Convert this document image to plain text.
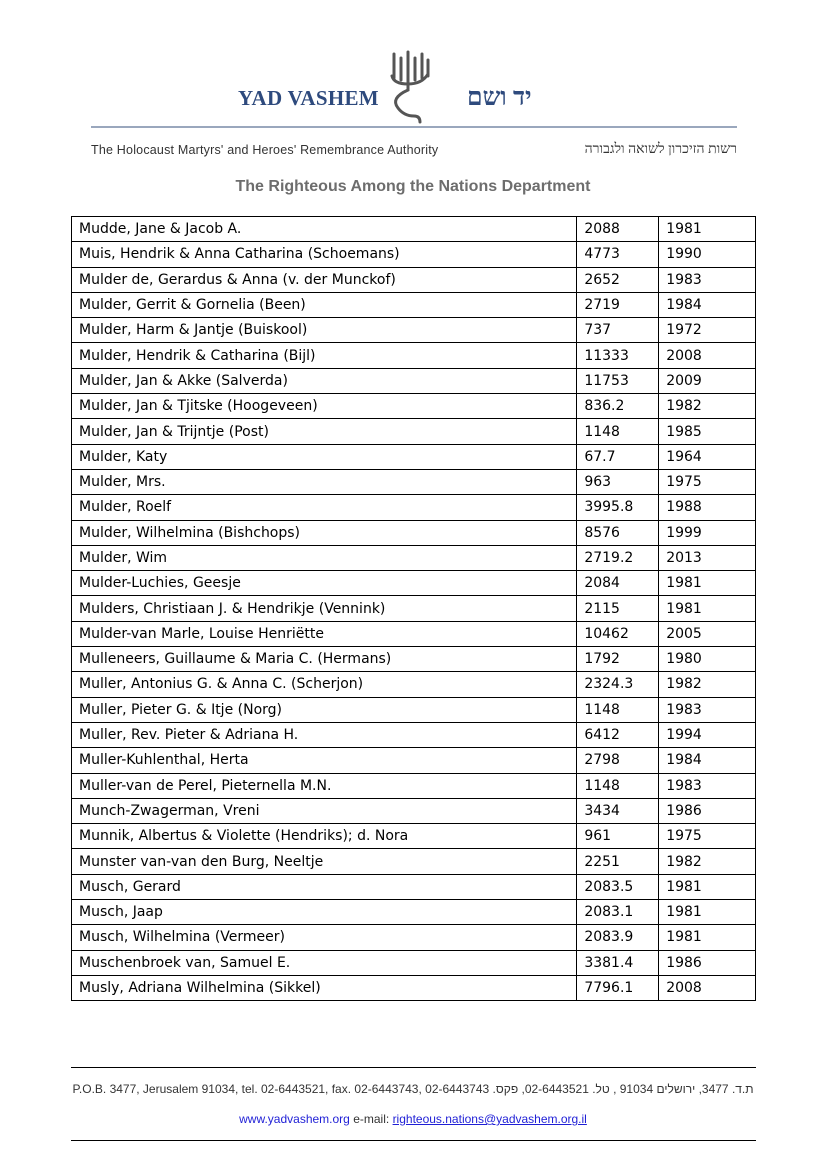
YAD VASHEM	יד ושם
The Holocaust Martyrs' and Heroes' Remembrance Authority	רשות הזיכרון לשואה ולגבורה
The Righteous Among the Nations Department
Mudde, Jane & Jacob A.	2088	1981
Muis, Hendrik & Anna Catharina (Schoemans)	4773	1990
Mulder de, Gerardus & Anna (v. der Munckof)	2652	1983
Mulder, Gerrit & Gornelia (Been)	2719	1984
Mulder, Harm & Jantje (Buiskool)	737	1972
Mulder, Hendrik & Catharina (Bijl)	11333	2008
Mulder, Jan & Akke (Salverda)	11753	2009
Mulder, Jan & Tjitske (Hoogeveen)	836.2	1982
Mulder, Jan & Trijntje (Post)	1148	1985
Mulder, Katy	67.7	1964
Mulder, Mrs.	963	1975
Mulder, Roelf	3995.8	1988
Mulder, Wilhelmina (Bishchops)	8576	1999
Mulder, Wim	2719.2	2013
Mulder-Luchies, Geesje	2084	1981
Mulders, Christiaan J. & Hendrikje (Vennink)	2115	1981
Mulder-van Marle, Louise Henriëtte	10462	2005
Mulleneers, Guillaume & Maria C. (Hermans)	1792	1980
Muller, Antonius G. & Anna C. (Scherjon)	2324.3	1982
Muller, Pieter G. & Itje (Norg)	1148	1983
Muller, Rev. Pieter & Adriana H.	6412	1994
Muller-Kuhlenthal, Herta	2798	1984
Muller-van de Perel, Pieternella M.N.	1148	1983
Munch-Zwagerman, Vreni	3434	1986
Munnik, Albertus & Violette (Hendriks); d. Nora	961	1975
Munster van-van den Burg, Neeltje	2251	1982
Musch, Gerard	2083.5	1981
Musch, Jaap	2083.1	1981
Musch, Wilhelmina (Vermeer)	2083.9	1981
Muschenbroek van, Samuel E.	3381.4	1986
Musly, Adriana Wilhelmina (Sikkel)	7796.1	2008
P.O.B. 3477, Jerusalem 91034, tel. 02-6443521, fax. 02-6443743, ת.ד. 3477, ירושלים 91034 , טל. 02-6443521, פקס. 02-6443743
www.yadvashem.org e-mail: righteous.nations@yadvashem.org.il
